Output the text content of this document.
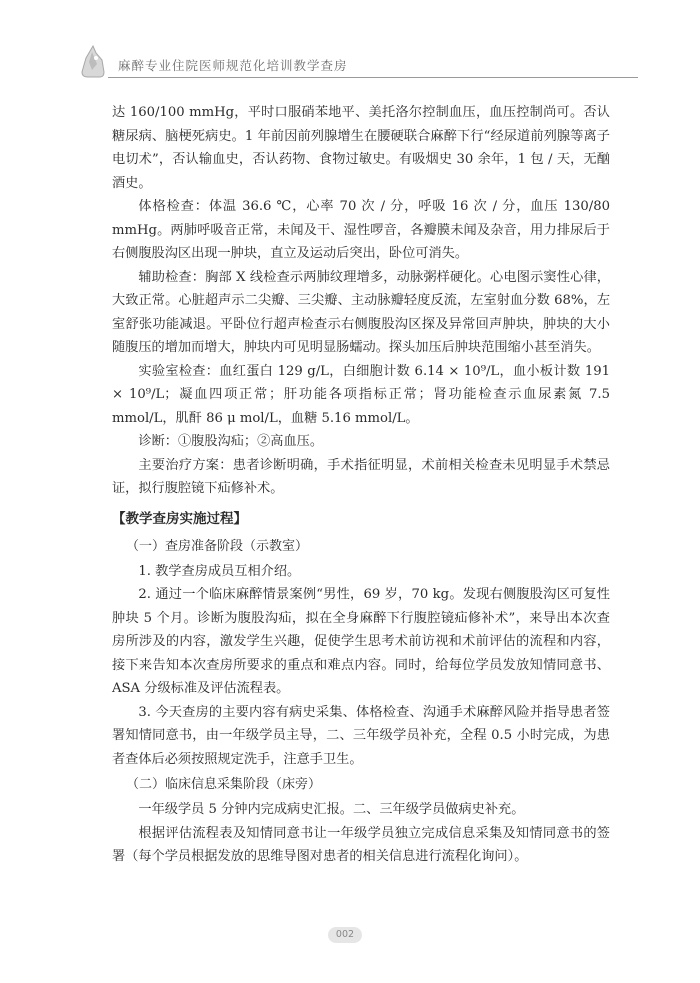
麻醉专业住院医师规范化培训教学查房

达 160/100 mmHg，平时口服硝苯地平、美托洛尔控制血压，血压控制尚可。否认糖尿病、脑梗死病史。1 年前因前列腺增生在腰硬联合麻醉下行“经尿道前列腺等离子电切术”，否认输血史，否认药物、食物过敏史。有吸烟史 30 余年，1 包 / 天，无酗酒史。

体格检查：体温 36.6 ℃，心率 70 次 / 分，呼吸 16 次 / 分，血压 130/80 mmHg。两肺呼吸音正常，未闻及干、湿性啰音，各瓣膜未闻及杂音，用力排尿后于右侧腹股沟区出现一肿块，直立及运动后突出，卧位可消失。

辅助检查：胸部 X 线检查示两肺纹理增多，动脉粥样硬化。心电图示窦性心律，大致正常。心脏超声示二尖瓣、三尖瓣、主动脉瓣轻度反流，左室射血分数 68%，左室舒张功能减退。平卧位行超声检查示右侧腹股沟区探及异常回声肿块，肿块的大小随腹压的增加而增大，肿块内可见明显肠蠕动。探头加压后肿块范围缩小甚至消失。

实验室检查：血红蛋白 129 g/L，白细胞计数 6.14 × 10⁹/L，血小板计数 191 × 10⁹/L；凝血四项正常；肝功能各项指标正常；肾功能检查示血尿素氮 7.5 mmol/L，肌酐 86 μ mol/L，血糖 5.16 mmol/L。

诊断：①腹股沟疝；②高血压。

主要治疗方案：患者诊断明确，手术指征明显，术前相关检查未见明显手术禁忌证，拟行腹腔镜下疝修补术。

【教学查房实施过程】

（一）查房准备阶段（示教室）

1. 教学查房成员互相介绍。

2. 通过一个临床麻醉情景案例“男性，69 岁，70 kg。发现右侧腹股沟区可复性肿块 5 个月。诊断为腹股沟疝，拟在全身麻醉下行腹腔镜疝修补术”，来导出本次查房所涉及的内容，激发学生兴趣，促使学生思考术前访视和术前评估的流程和内容，接下来告知本次查房所要求的重点和难点内容。同时，给每位学员发放知情同意书、ASA 分级标准及评估流程表。

3. 今天查房的主要内容有病史采集、体格检查、沟通手术麻醉风险并指导患者签署知情同意书，由一年级学员主导，二、三年级学员补充，全程 0.5 小时完成，为患者查体后必须按照规定洗手，注意手卫生。

（二）临床信息采集阶段（床旁）

一年级学员 5 分钟内完成病史汇报。二、三年级学员做病史补充。

根据评估流程表及知情同意书让一年级学员独立完成信息采集及知情同意书的签署（每个学员根据发放的思维导图对患者的相关信息进行流程化询问）。

002
